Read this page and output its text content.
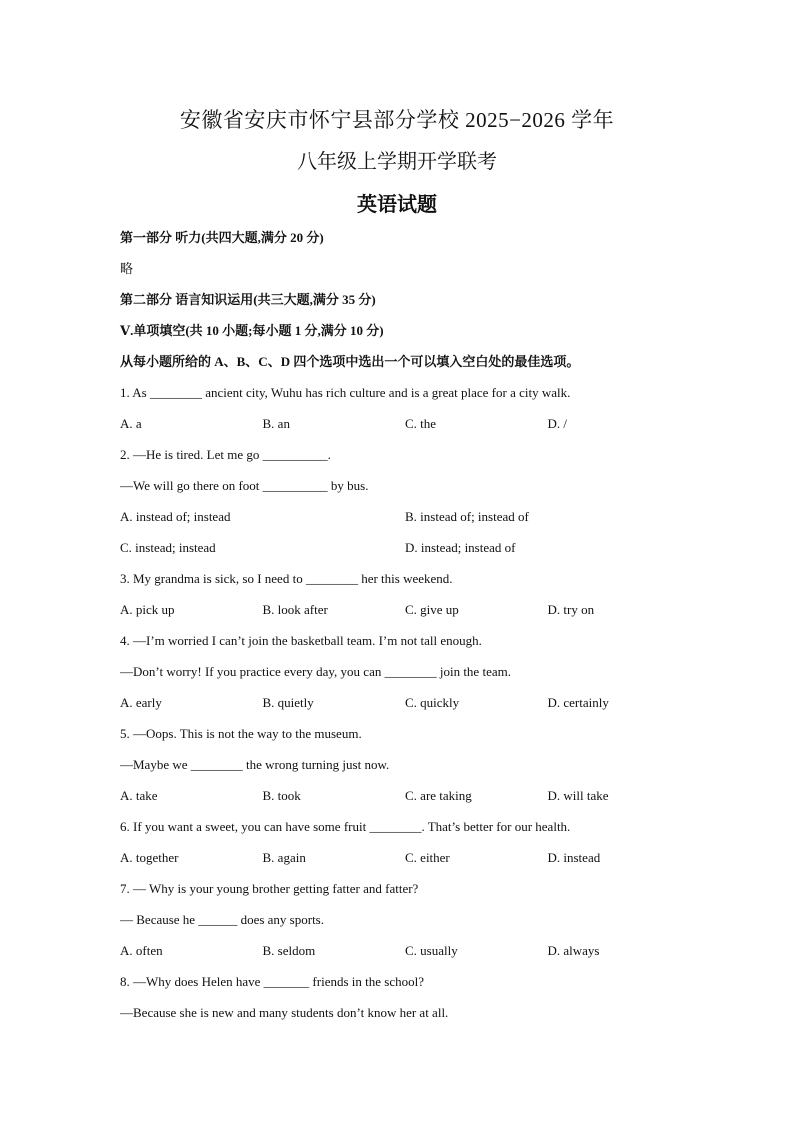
安徽省安庆市怀宁县部分学校 2025−2026 学年
八年级上学期开学联考
英语试题
第一部分 听力(共四大题,满分 20 分)
略
第二部分 语言知识运用(共三大题,满分 35 分)
Ⅴ.单项填空(共 10 小题;每小题 1 分,满分 10 分)
从每小题所给的 A、B、C、D 四个选项中选出一个可以填入空白处的最佳选项。
1. As ________ ancient city, Wuhu has rich culture and is a great place for a city walk.
A. a	B. an	C. the	D. /
2. —He is tired. Let me go __________.
—We will go there on foot __________ by bus.
A. instead of; instead	B. instead of; instead of
C. instead; instead	D. instead; instead of
3. My grandma is sick, so I need to ________ her this weekend.
A. pick up	B. look after	C. give up	D. try on
4. —I’m worried I can’t join the basketball team. I’m not tall enough.
—Don’t worry! If you practice every day, you can ________ join the team.
A. early	B. quietly	C. quickly	D. certainly
5. —Oops. This is not the way to the museum.
—Maybe we ________ the wrong turning just now.
A. take	B. took	C. are taking	D. will take
6. If you want a sweet, you can have some fruit ________. That’s better for our health.
A. together	B. again	C. either	D. instead
7. — Why is your young brother getting fatter and fatter?
— Because he ______ does any sports.
A. often	B. seldom	C. usually	D. always
8. —Why does Helen have _______ friends in the school?
—Because she is new and many students don’t know her at all.
